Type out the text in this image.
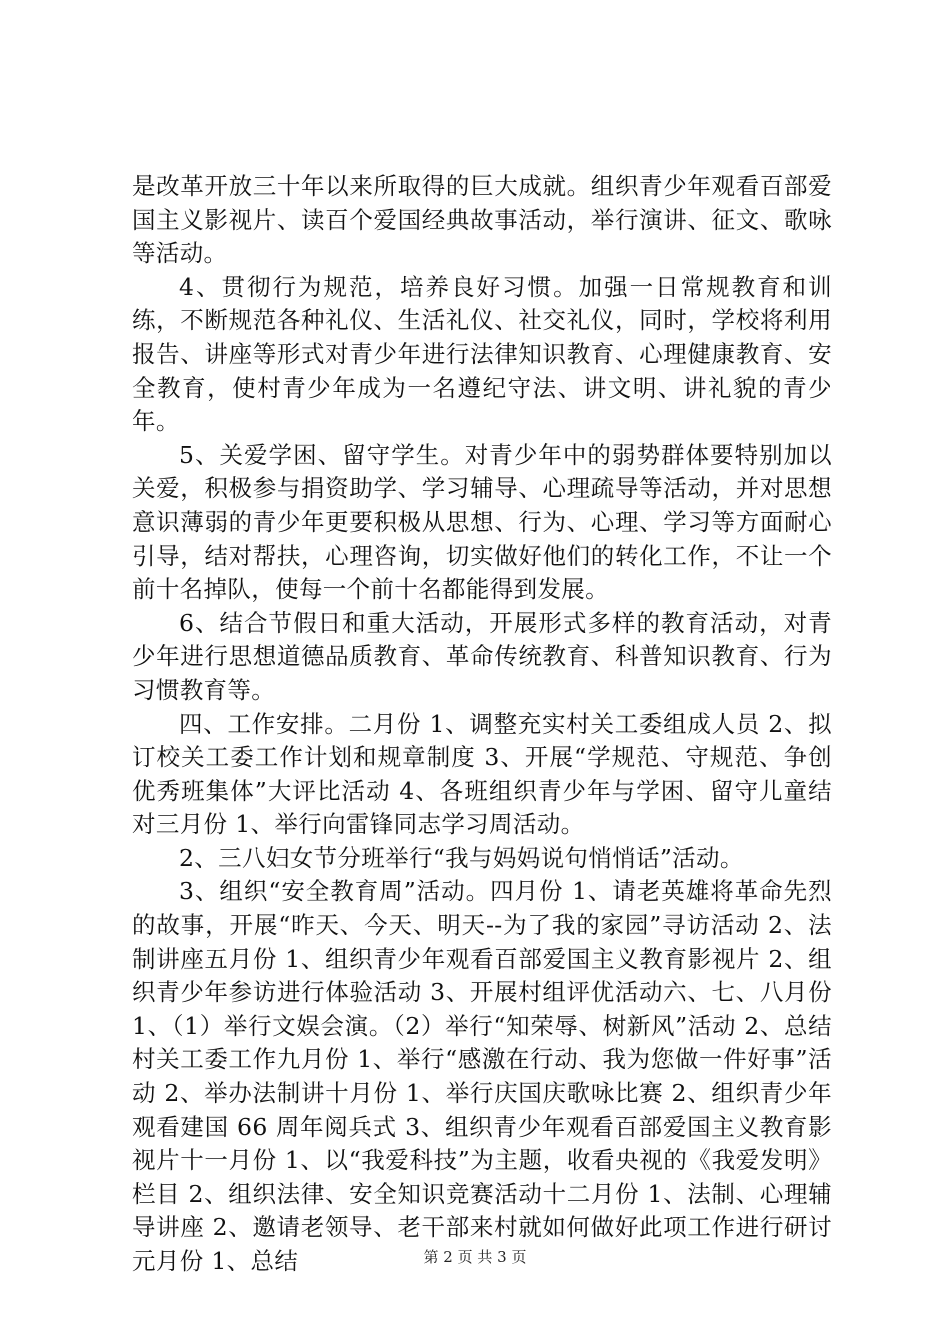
是改革开放三十年以来所取得的巨大成就。组织青少年观看百部爱国主义影视片、读百个爱国经典故事活动，举行演讲、征文、歌咏等活动。

4、贯彻行为规范，培养良好习惯。加强一日常规教育和训练，不断规范各种礼仪、生活礼仪、社交礼仪，同时，学校将利用报告、讲座等形式对青少年进行法律知识教育、心理健康教育、安全教育，使村青少年成为一名遵纪守法、讲文明、讲礼貌的青少年。

5、关爱学困、留守学生。对青少年中的弱势群体要特别加以关爱，积极参与捐资助学、学习辅导、心理疏导等活动，并对思想意识薄弱的青少年更要积极从思想、行为、心理、学习等方面耐心引导，结对帮扶，心理咨询，切实做好他们的转化工作，不让一个前十名掉队，使每一个前十名都能得到发展。

6、结合节假日和重大活动，开展形式多样的教育活动，对青少年进行思想道德品质教育、革命传统教育、科普知识教育、行为习惯教育等。

四、工作安排。二月份 1、调整充实村关工委组成人员 2、拟订校关工委工作计划和规章制度 3、开展“学规范、守规范、争创优秀班集体”大评比活动 4、各班组织青少年与学困、留守儿童结对三月份 1、举行向雷锋同志学习周活动。

2、三八妇女节分班举行“我与妈妈说句悄悄话”活动。

3、组织“安全教育周”活动。四月份 1、请老英雄将革命先烈的故事，开展“昨天、今天、明天--为了我的家园”寻访活动 2、法制讲座五月份 1、组织青少年观看百部爱国主义教育影视片 2、组织青少年参访进行体验活动 3、开展村组评优活动六、七、八月份 1、（1）举行文娱会演。（2）举行“知荣辱、树新风”活动 2、总结村关工委工作九月份 1、举行“感激在行动、我为您做一件好事”活动 2、举办法制讲十月份 1、举行庆国庆歌咏比赛 2、组织青少年观看建国 66 周年阅兵式 3、组织青少年观看百部爱国主义教育影视片十一月份 1、以“我爱科技”为主题，收看央视的《我爱发明》栏目 2、组织法律、安全知识竞赛活动十二月份 1、法制、心理辅导讲座 2、邀请老领导、老干部来村就如何做好此项工作进行研讨元月份 1、总结	第 2 页 共 3 页
